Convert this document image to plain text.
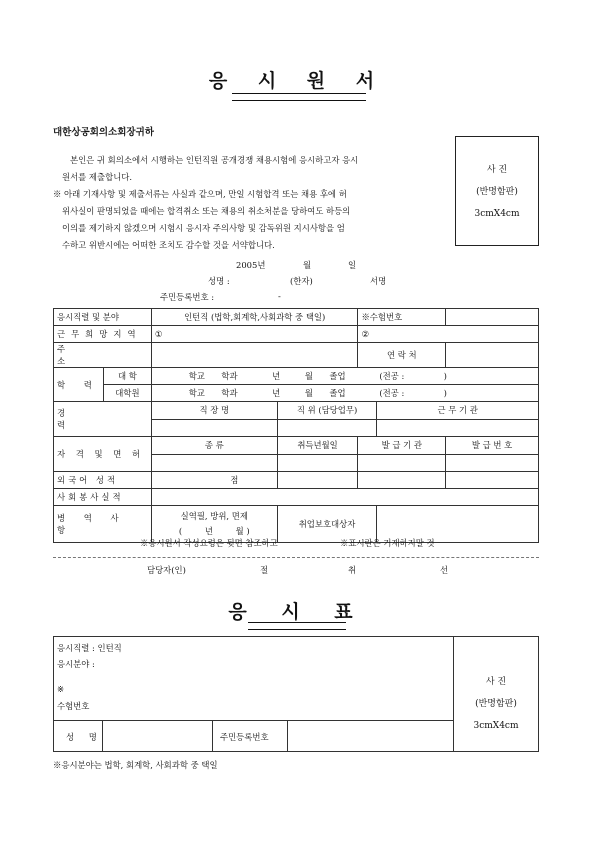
응 시 원 서
대한상공회의소회장귀하
본인은 귀 회의소에서 시행하는 인턴직원 공개경쟁 채용시험에 응시하고자 응시
원서를 제출합니다.
※ 아래 기재사항 및 제출서류는 사실과 같으며, 만일 시험합격 또는 채용 후에 허
위사실이 판명되었을 때에는 합격취소 또는 채용의 취소처분을 당하여도 하등의
이의를 제기하지 않겠으며 시험시 응시자 주의사항 및 감독위원 지시사항을 엄
수하고 위반시에는 어떠한 조치도 감수할 것을 서약합니다.
사 진
(반명함판)
3cmX4cm
2005년	월	일
성명 :	(한자)	서명
주민등록번호 :	-
응시직렬 및 분야		인턴직 (법학,회계학,사회과학 중 택일)		※수험번호		
근무희망지역		①		②		
주 소				연 락 처		
학 력	대 학	학교 학과 년 월 졸업 (전공 : )				
	대학원	학교 학과 년 월 졸업 (전공 : )				
경 력		직 장 명	직 위 (담당업무)		근 무 기 관	

자 격 및 면 허		종 류	취득년월일	발 급 기 관		발 급 번 호

외국어 성적		점				
사회봉사실적						
병 역 사 항		실역필, 방위, 면제
( 년 월 )	취업보호대상자			
※응시원서 작성요령은 뒷면 참조하고	※표시란은 기재하지말 것
담당자(인)	절	취	선
응 시 표
응시직렬 : 인턴직
응시분야 :
※
수험번호
성 명	주민등록번호
사 진
(반명함판)
3cmX4cm
※응시분야는 법학, 회계학, 사회과학 중 택일
